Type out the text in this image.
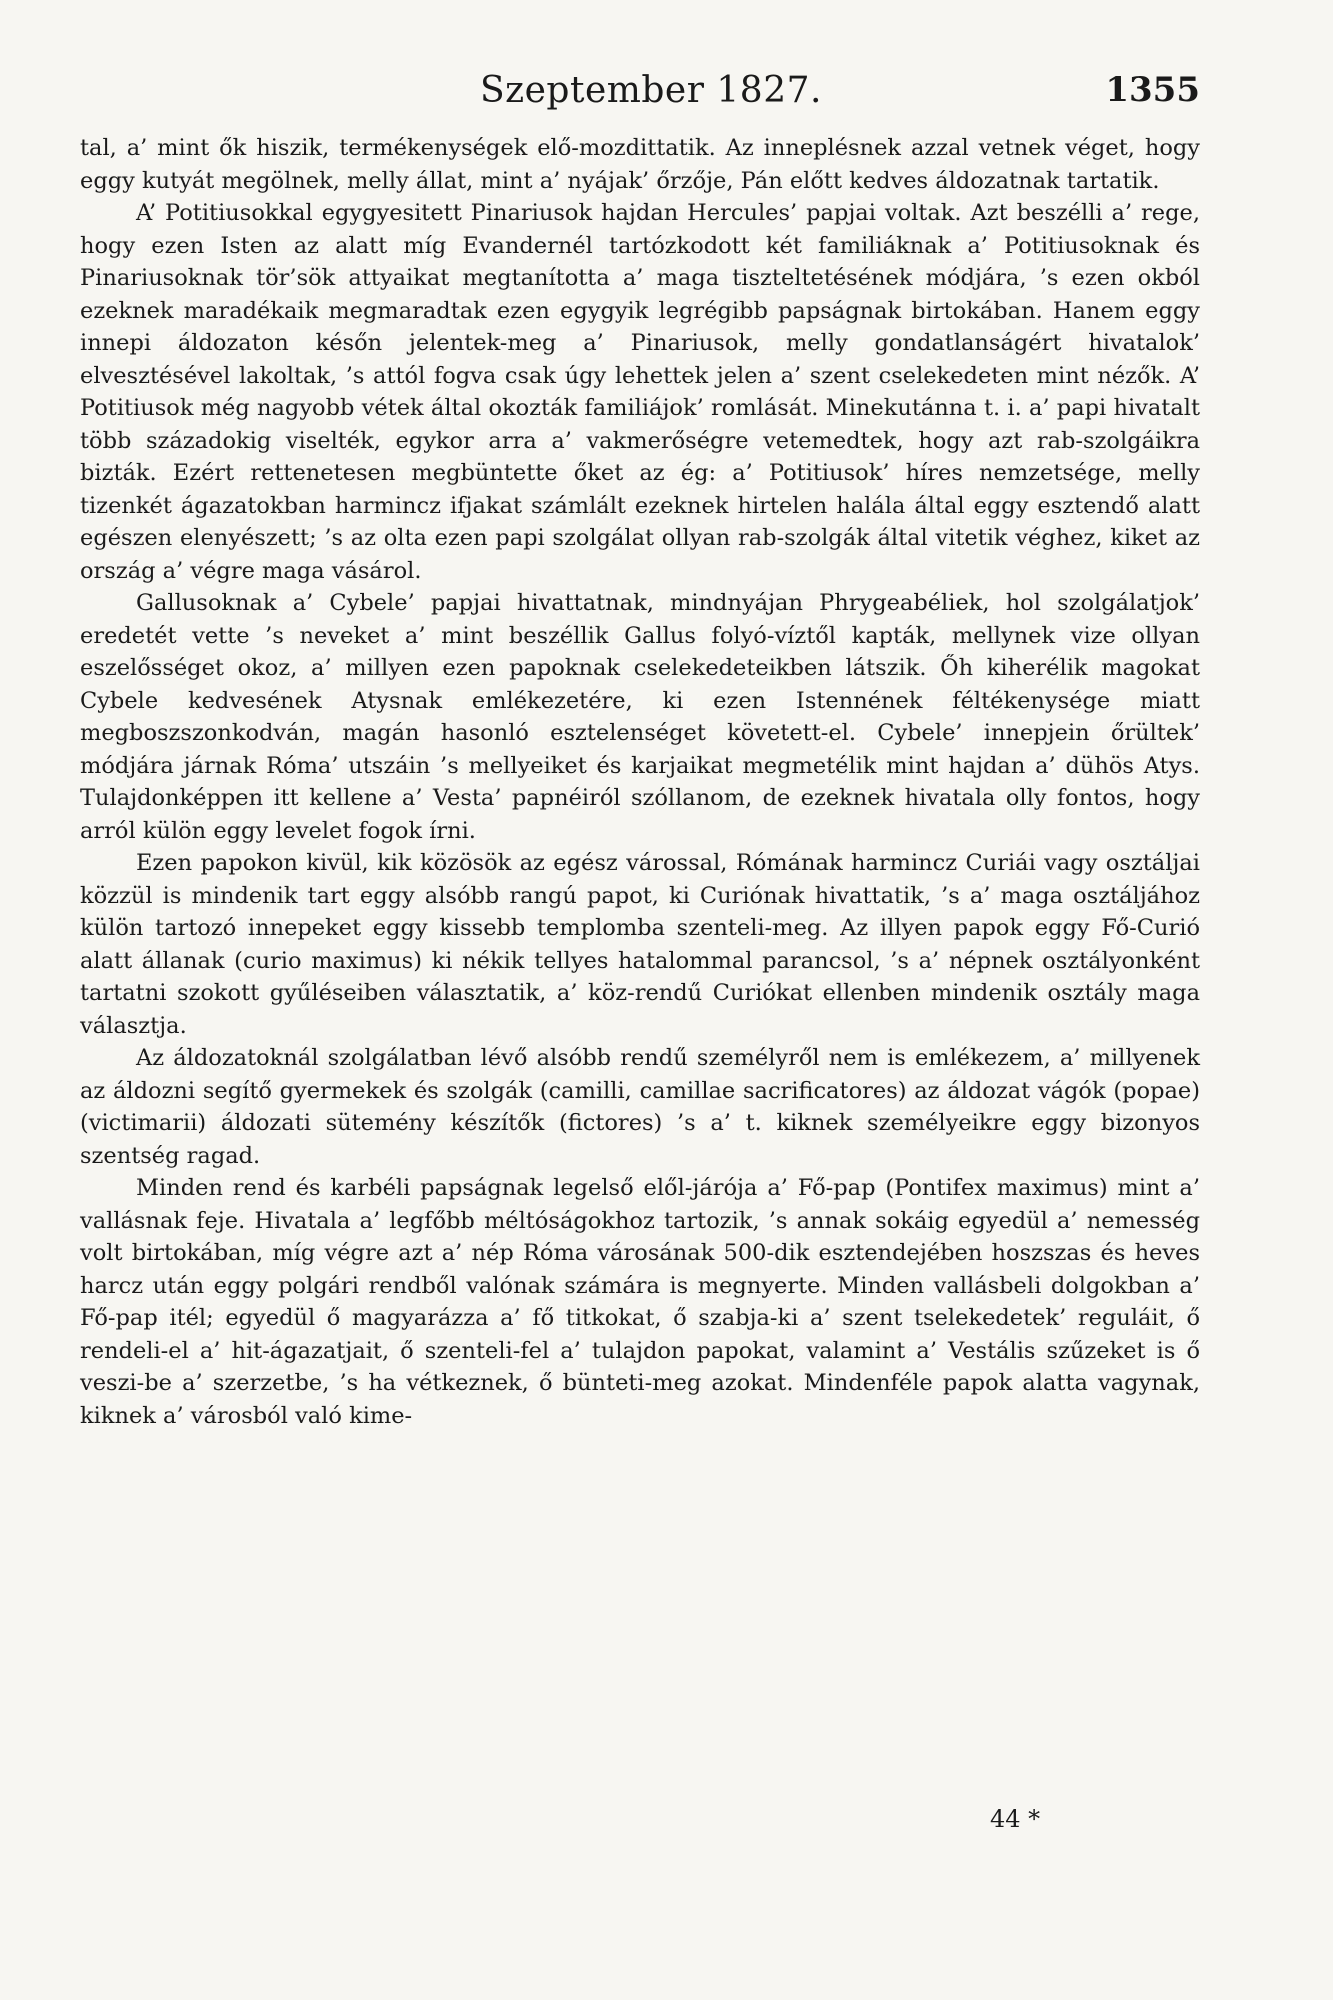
Szeptember 1827.	1355

tal, a’ mint ők hiszik, termékenységek elő-mozdittatik. Az inneplésnek azzal vetnek véget, hogy eggy kutyát megölnek, melly állat, mint a’ nyájak’ őrzője, Pán előtt kedves áldozatnak tartatik.

A’ Potitiusokkal egygyesitett Pinariusok hajdan Hercules’ papjai voltak. Azt beszélli a’ rege, hogy ezen Isten az alatt míg Evandernél tartózkodott két familiáknak a’ Potitiusoknak és Pinariusoknak tör’sök attyaikat megtanította a’ maga tiszteltetésének módjára, ’s ezen okból ezeknek maradékaik megmaradtak ezen egygyik legrégibb papságnak birtokában. Hanem eggy innepi áldozaton későn jelentek-meg a’ Pinariusok, melly gondatlanságért hivatalok’ elvesztésével lakoltak, ’s attól fogva csak úgy lehettek jelen a’ szent cselekedeten mint nézők. A’ Potitiusok még nagyobb vétek által okozták familiájok’ romlását. Minekutánna t. i. a’ papi hivatalt több századokig viselték, egykor arra a’ vakmerőségre vetemedtek, hogy azt rab-szolgáikra bizták. Ezért rettenetesen megbüntette őket az ég: a’ Potitiusok’ híres nemzetsége, melly tizenkét ágazatokban harmincz ifjakat számlált ezeknek hirtelen halála által eggy esztendő alatt egészen elenyészett; ’s az olta ezen papi szolgálat ollyan rab-szolgák által vitetik véghez, kiket az ország a’ végre maga vásárol.

Gallusoknak a’ Cybele’ papjai hivattatnak, mindnyájan Phrygeabéliek, hol szolgálatjok’ eredetét vette ’s neveket a’ mint beszéllik Gallus folyó-víztől kapták, mellynek vize ollyan eszelősséget okoz, a’ millyen ezen papoknak cselekedeteikben látszik. Őh kiherélik magokat Cybele kedvesének Atysnak emlékezetére, ki ezen Istennének féltékenysége miatt megboszszonkodván, magán hasonló esztelenséget követett-el. Cybele’ innepjein őrültek’ módjára járnak Róma’ utszáin ’s mellyeiket és karjaikat megmetélik mint hajdan a’ dühös Atys. Tulajdonképpen itt kellene a’ Vesta’ papnéiról szóllanom, de ezeknek hivatala olly fontos, hogy arról külön eggy levelet fogok írni.

Ezen papokon kivül, kik közösök az egész várossal, Rómának harmincz Curiái vagy osztáljai közzül is mindenik tart eggy alsóbb rangú papot, ki Curiónak hivattatik, ’s a’ maga osztáljához külön tartozó innepeket eggy kissebb templomba szenteli-meg. Az illyen papok eggy Fő-Curió alatt állanak (curio maximus) ki nékik tellyes hatalommal parancsol, ’s a’ népnek osztályonként tartatni szokott gyűléseiben választatik, a’ köz-rendű Curiókat ellenben mindenik osztály maga választja.

Az áldozatoknál szolgálatban lévő alsóbb rendű személyről nem is emlékezem, a’ millyenek az áldozni segítő gyermekek és szolgák (camilli, camillae sacrificatores) az áldozat vágók (popae) (victimarii) áldozati sütemény készítők (fictores) ’s a’ t. kiknek személyeikre eggy bizonyos szentség ragad.

Minden rend és karbéli papságnak legelső elől-járója a’ Fő-pap (Pontifex maximus) mint a’ vallásnak feje. Hivatala a’ legfőbb méltóságokhoz tartozik, ’s annak sokáig egyedül a’ nemesség volt birtokában, míg végre azt a’ nép Róma városának 500-dik esztendejében hoszszas és heves harcz után eggy polgári rendből valónak számára is megnyerte. Minden vallásbeli dolgokban a’ Fő-pap itél; egyedül ő magyarázza a’ fő titkokat, ő szabja-ki a’ szent tselekedetek’ reguláit, ő rendeli-el a’ hit-ágazatjait, ő szenteli-fel a’ tulajdon papokat, valamint a’ Vestális szűzeket is ő veszi-be a’ szerzetbe, ’s ha vétkeznek, ő bünteti-meg azokat. Mindenféle papok alatta vagynak, kiknek a’ városból való kime-

44 *
